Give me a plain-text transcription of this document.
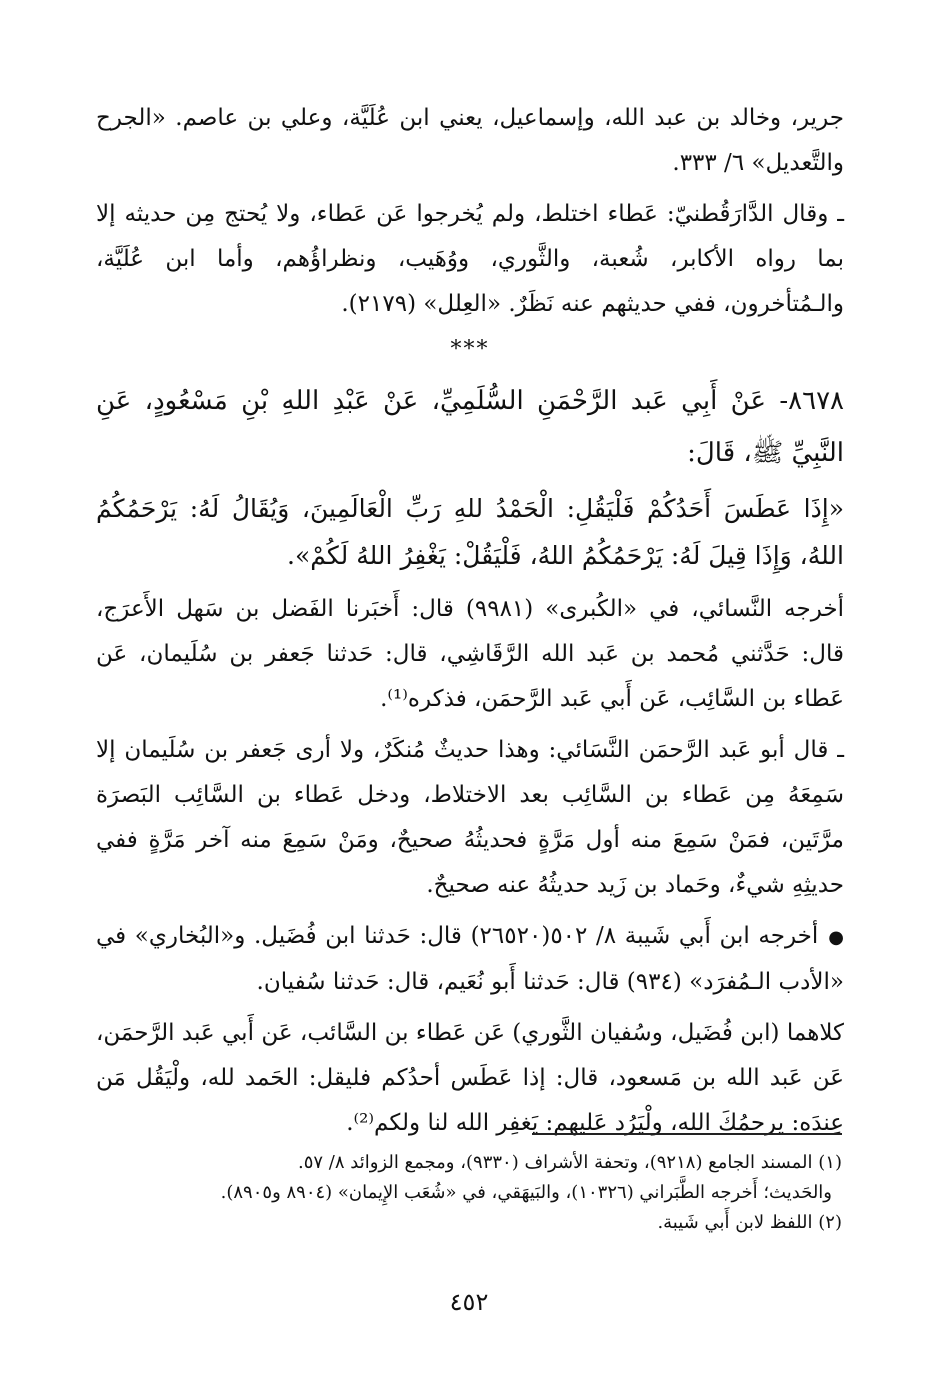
جرير، وخالد بن عبد الله، وإسماعيل، يعني ابن عُلَيَّة، وعلي بن عاصم. «الجرح والتَّعديل» ٦/ ٣٣٣.

ـ وقال الدَّارَقُطنيّ: عَطاء اختلط، ولم يُخرجوا عَن عَطاء، ولا يُحتج مِن حديثه إلا بما رواه الأكابر، شُعبة، والثَّوري، ووُهَيب، ونظراؤُهم، وأما ابن عُلَيَّة، والـمُتأخرون، ففي حديثهم عنه نَظَرٌ. «العِلل» (٢١٧٩).

***

٨٦٧٨- عَنْ أَبِي عَبد الرَّحْمَنِ السُّلَمِيِّ، عَنْ عَبْدِ اللهِ بْنِ مَسْعُودٍ، عَنِ النَّبِيِّ ﷺ، قَالَ:

«إِذَا عَطَسَ أَحَدُكُمْ فَلْيَقُلِ: الْحَمْدُ للهِ رَبِّ الْعَالَمِينَ، وَيُقَالُ لَهُ: يَرْحَمُكُمُ اللهُ، وَإِذَا قِيلَ لَهُ: يَرْحَمُكُمُ اللهُ، فَلْيَقُلْ: يَغْفِرُ اللهُ لَكُمْ».

أخرجه النَّسائي، في «الكُبرى» (٩٩٨١) قال: أَخبَرنا الفَضل بن سَهل الأَعرَج، قال: حَدَّثني مُحمد بن عَبد الله الرَّقَاشِي، قال: حَدثنا جَعفر بن سُلَيمان، عَن عَطاء بن السَّائِب، عَن أَبي عَبد الرَّحمَن، فذكره⁽¹⁾.

ـ قال أبو عَبد الرَّحمَن النَّسَائي: وهذا حديثٌ مُنكَرٌ، ولا أرى جَعفر بن سُلَيمان إلا سَمِعَهُ مِن عَطاء بن السَّائِب بعد الاختلاط، ودخل عَطاء بن السَّائِب البَصرَة مرَّتَين، فمَنْ سَمِعَ منه أول مَرَّةٍ فحديثُهُ صحيحٌ، ومَنْ سَمِعَ منه آخر مَرَّةٍ ففي حديثِهِ شيءٌ، وحَماد بن زَيد حديثُهُ عنه صحيحٌ.

●أخرجه ابن أَبي شَيبة ٨/ ٥٠٢(٢٦٥٢٠) قال: حَدثنا ابن فُضَيل. و«البُخاري» في «الأدب الـمُفرَد» (٩٣٤) قال: حَدثنا أَبو نُعَيم، قال: حَدثنا سُفيان.

كلاهما (ابن فُضَيل، وسُفيان الثَّوري) عَن عَطاء بن السَّائب، عَن أَبي عَبد الرَّحمَن، عَن عَبد الله بن مَسعود، قال: إذا عَطَس أحدُكم فليقل: الحَمد لله، ولْيَقُل مَن عِندَه: يرحمُكَ الله، ولْيَرُد عَليهم: يَغفِر الله لنا ولكم⁽²⁾.

(١) المسند الجامع (٩٢١٨)، وتحفة الأشراف (٩٣٣٠)، ومجمع الزوائد ٨/ ٥٧.

والحَديث؛ أَخرجه الطَّبَراني (١٠٣٢٦)، والبَيهَقي، في «شُعَب الإِيمان» (٨٩٠٤ و٨٩٠٥).

(٢) اللفظ لابن أَبي شَيبة.

٤٥٢
